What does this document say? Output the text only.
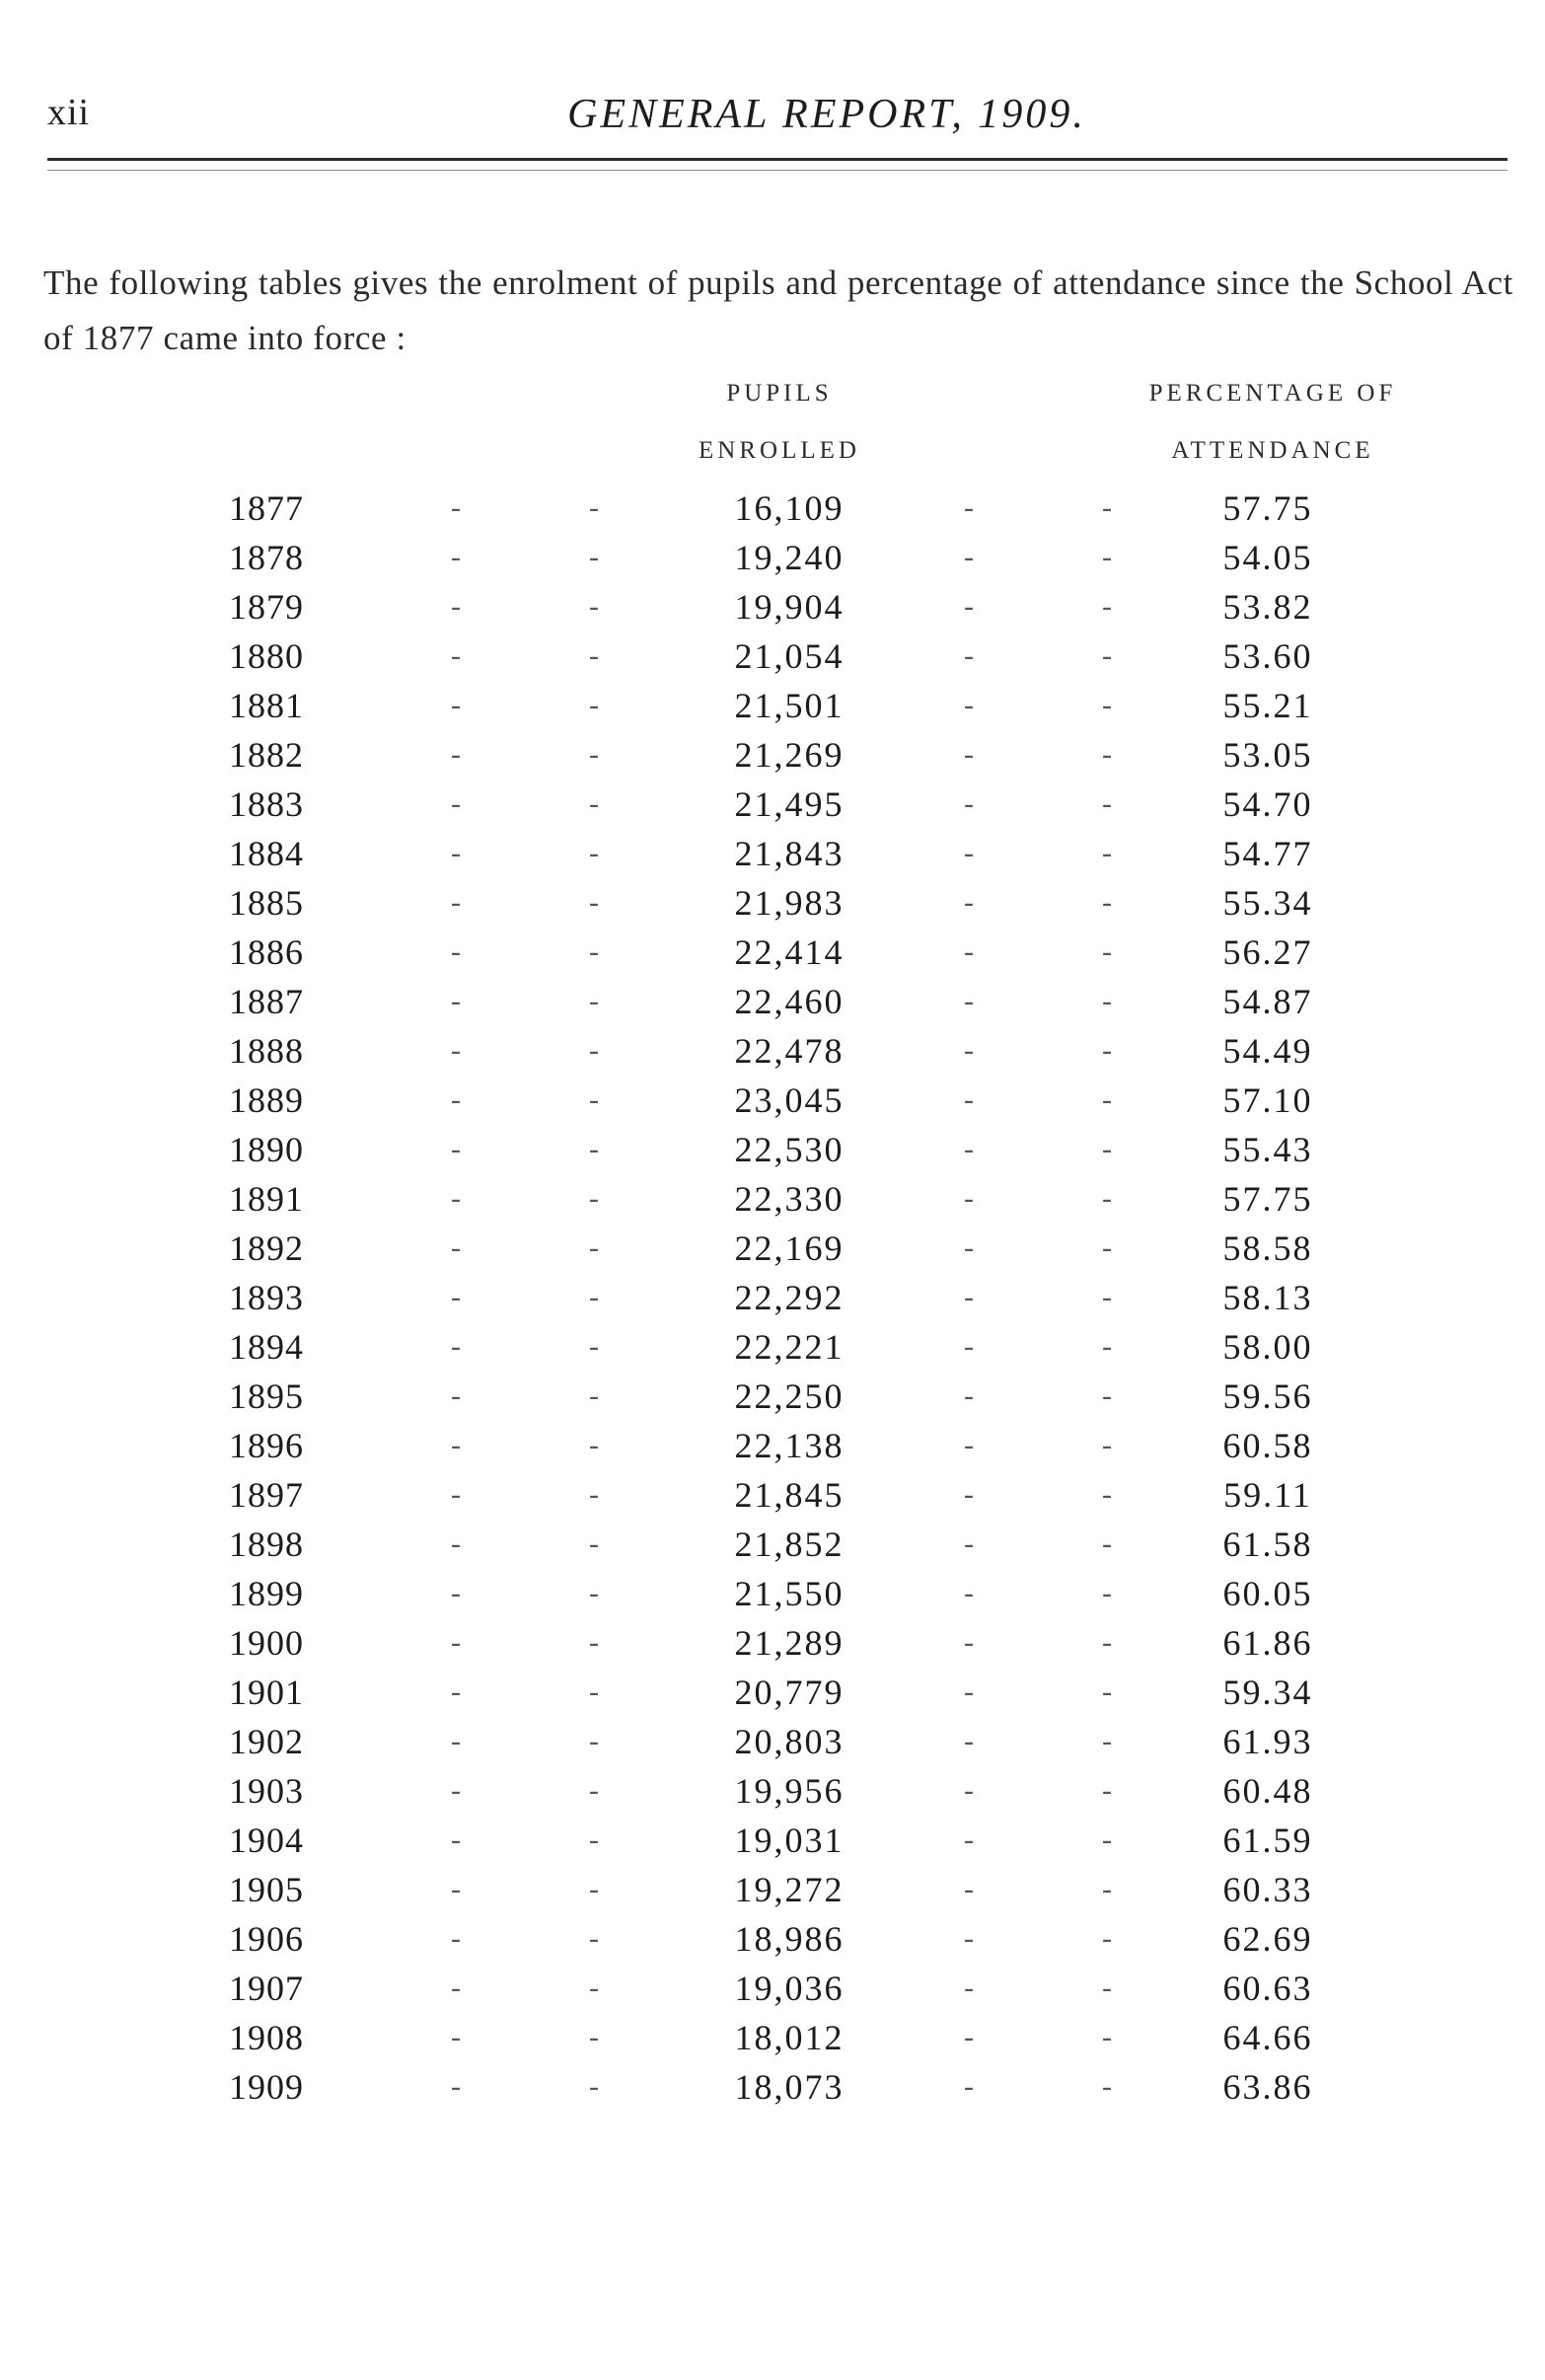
xii	GENERAL REPORT, 1909.

The following tables gives the enrolment of pupils and percentage of attendance since the School Act of 1877 came into force :

PUPILS
ENROLLED
PERCENTAGE OF
ATTENDANCE
1877	-	-	16,109	-	-	57.75
1878	-	-	19,240	-	-	54.05
1879	-	-	19,904	-	-	53.82
1880	-	-	21,054	-	-	53.60
1881	-	-	21,501	-	-	55.21
1882	-	-	21,269	-	-	53.05
1883	-	-	21,495	-	-	54.70
1884	-	-	21,843	-	-	54.77
1885	-	-	21,983	-	-	55.34
1886	-	-	22,414	-	-	56.27
1887	-	-	22,460	-	-	54.87
1888	-	-	22,478	-	-	54.49
1889	-	-	23,045	-	-	57.10
1890	-	-	22,530	-	-	55.43
1891	-	-	22,330	-	-	57.75
1892	-	-	22,169	-	-	58.58
1893	-	-	22,292	-	-	58.13
1894	-	-	22,221	-	-	58.00
1895	-	-	22,250	-	-	59.56
1896	-	-	22,138	-	-	60.58
1897	-	-	21,845	-	-	59.11
1898	-	-	21,852	-	-	61.58
1899	-	-	21,550	-	-	60.05
1900	-	-	21,289	-	-	61.86
1901	-	-	20,779	-	-	59.34
1902	-	-	20,803	-	-	61.93
1903	-	-	19,956	-	-	60.48
1904	-	-	19,031	-	-	61.59
1905	-	-	19,272	-	-	60.33
1906	-	-	18,986	-	-	62.69
1907	-	-	19,036	-	-	60.63
1908	-	-	18,012	-	-	64.66
1909	-	-	18,073	-	-	63.86
